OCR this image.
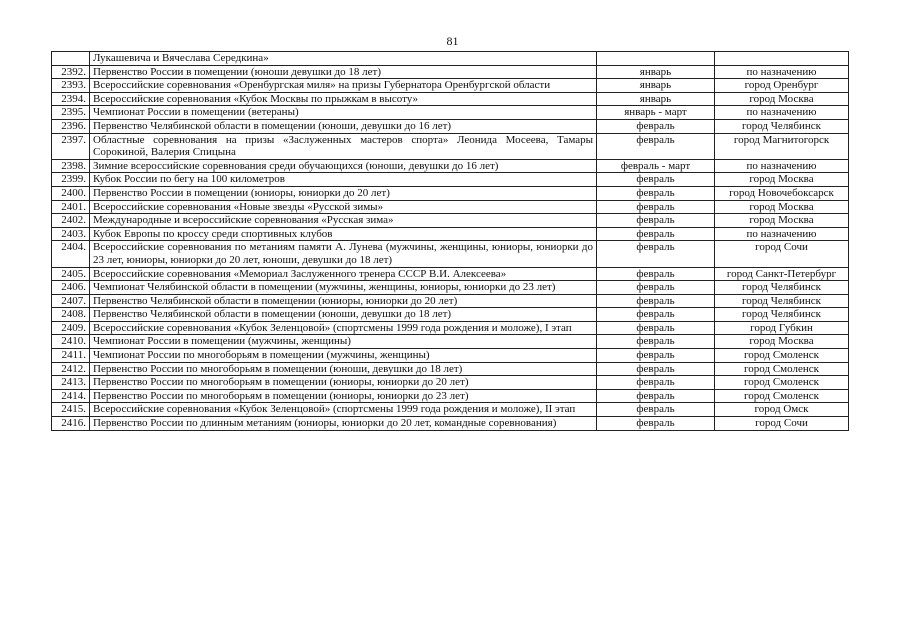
81
	Лукашевича и Вячеслава Середкина»		
2392.	Первенство России в помещении (юноши девушки до 18 лет)	январь	по назначению
2393.	Всероссийские соревнования «Оренбургская миля» на призы Губернатора Оренбургской области	январь	город Оренбург
2394.	Всероссийские соревнования «Кубок Москвы по прыжкам в высоту»	январь	город Москва
2395.	Чемпионат России в помещении (ветераны)	январь - март	по назначению
2396.	Первенство Челябинской области в помещении (юноши, девушки до 16 лет)	февраль	город Челябинск
2397.	Областные соревнования на призы «Заслуженных мастеров спорта» Леонида Мосеева, Тамары Сорокиной, Валерия Спицына	февраль	город Магнитогорск
2398.	Зимние всероссийские соревнования среди обучающихся (юноши, девушки до 16 лет)	февраль - март	по назначению
2399.	Кубок России по бегу на 100 километров	февраль	город Москва
2400.	Первенство России в помещении (юниоры, юниорки до 20 лет)	февраль	город Новочебоксарск
2401.	Всероссийские соревнования «Новые звезды «Русской зимы»	февраль	город Москва
2402.	Международные и всероссийские соревнования «Русская зима»	февраль	город Москва
2403.	Кубок Европы по кроссу среди спортивных клубов	февраль	по назначению
2404.	Всероссийские соревнования по метаниям памяти А. Лунева (мужчины, женщины, юниоры, юниорки до 23 лет, юниоры, юниорки до 20 лет, юноши, девушки до 18 лет)	февраль	город Сочи
2405.	Всероссийские соревнования «Мемориал Заслуженного тренера СССР В.И. Алексеева»	февраль	город Санкт-Петербург
2406.	Чемпионат Челябинской области в помещении (мужчины, женщины, юниоры, юниорки до 23 лет)	февраль	город Челябинск
2407.	Первенство Челябинской области в помещении (юниоры, юниорки до 20 лет)	февраль	город Челябинск
2408.	Первенство Челябинской области в помещении (юноши, девушки до 18 лет)	февраль	город Челябинск
2409.	Всероссийские соревнования «Кубок Зеленцовой» (спортсмены 1999 года рождения и моложе), I этап	февраль	город Губкин
2410.	Чемпионат России в помещении (мужчины, женщины)	февраль	город Москва
2411.	Чемпионат России по многоборьям в помещении (мужчины, женщины)	февраль	город Смоленск
2412.	Первенство России по многоборьям в помещении (юноши, девушки до 18 лет)	февраль	город Смоленск
2413.	Первенство России по многоборьям в помещении (юниоры, юниорки до 20 лет)	февраль	город Смоленск
2414.	Первенство России по многоборьям в помещении (юниоры, юниорки до 23 лет)	февраль	город Смоленск
2415.	Всероссийские соревнования «Кубок Зеленцовой» (спортсмены 1999 года рождения и моложе), II этап	февраль	город Омск
2416.	Первенство России по длинным метаниям (юниоры, юниорки до 20 лет, командные соревнования)	февраль	город Сочи
